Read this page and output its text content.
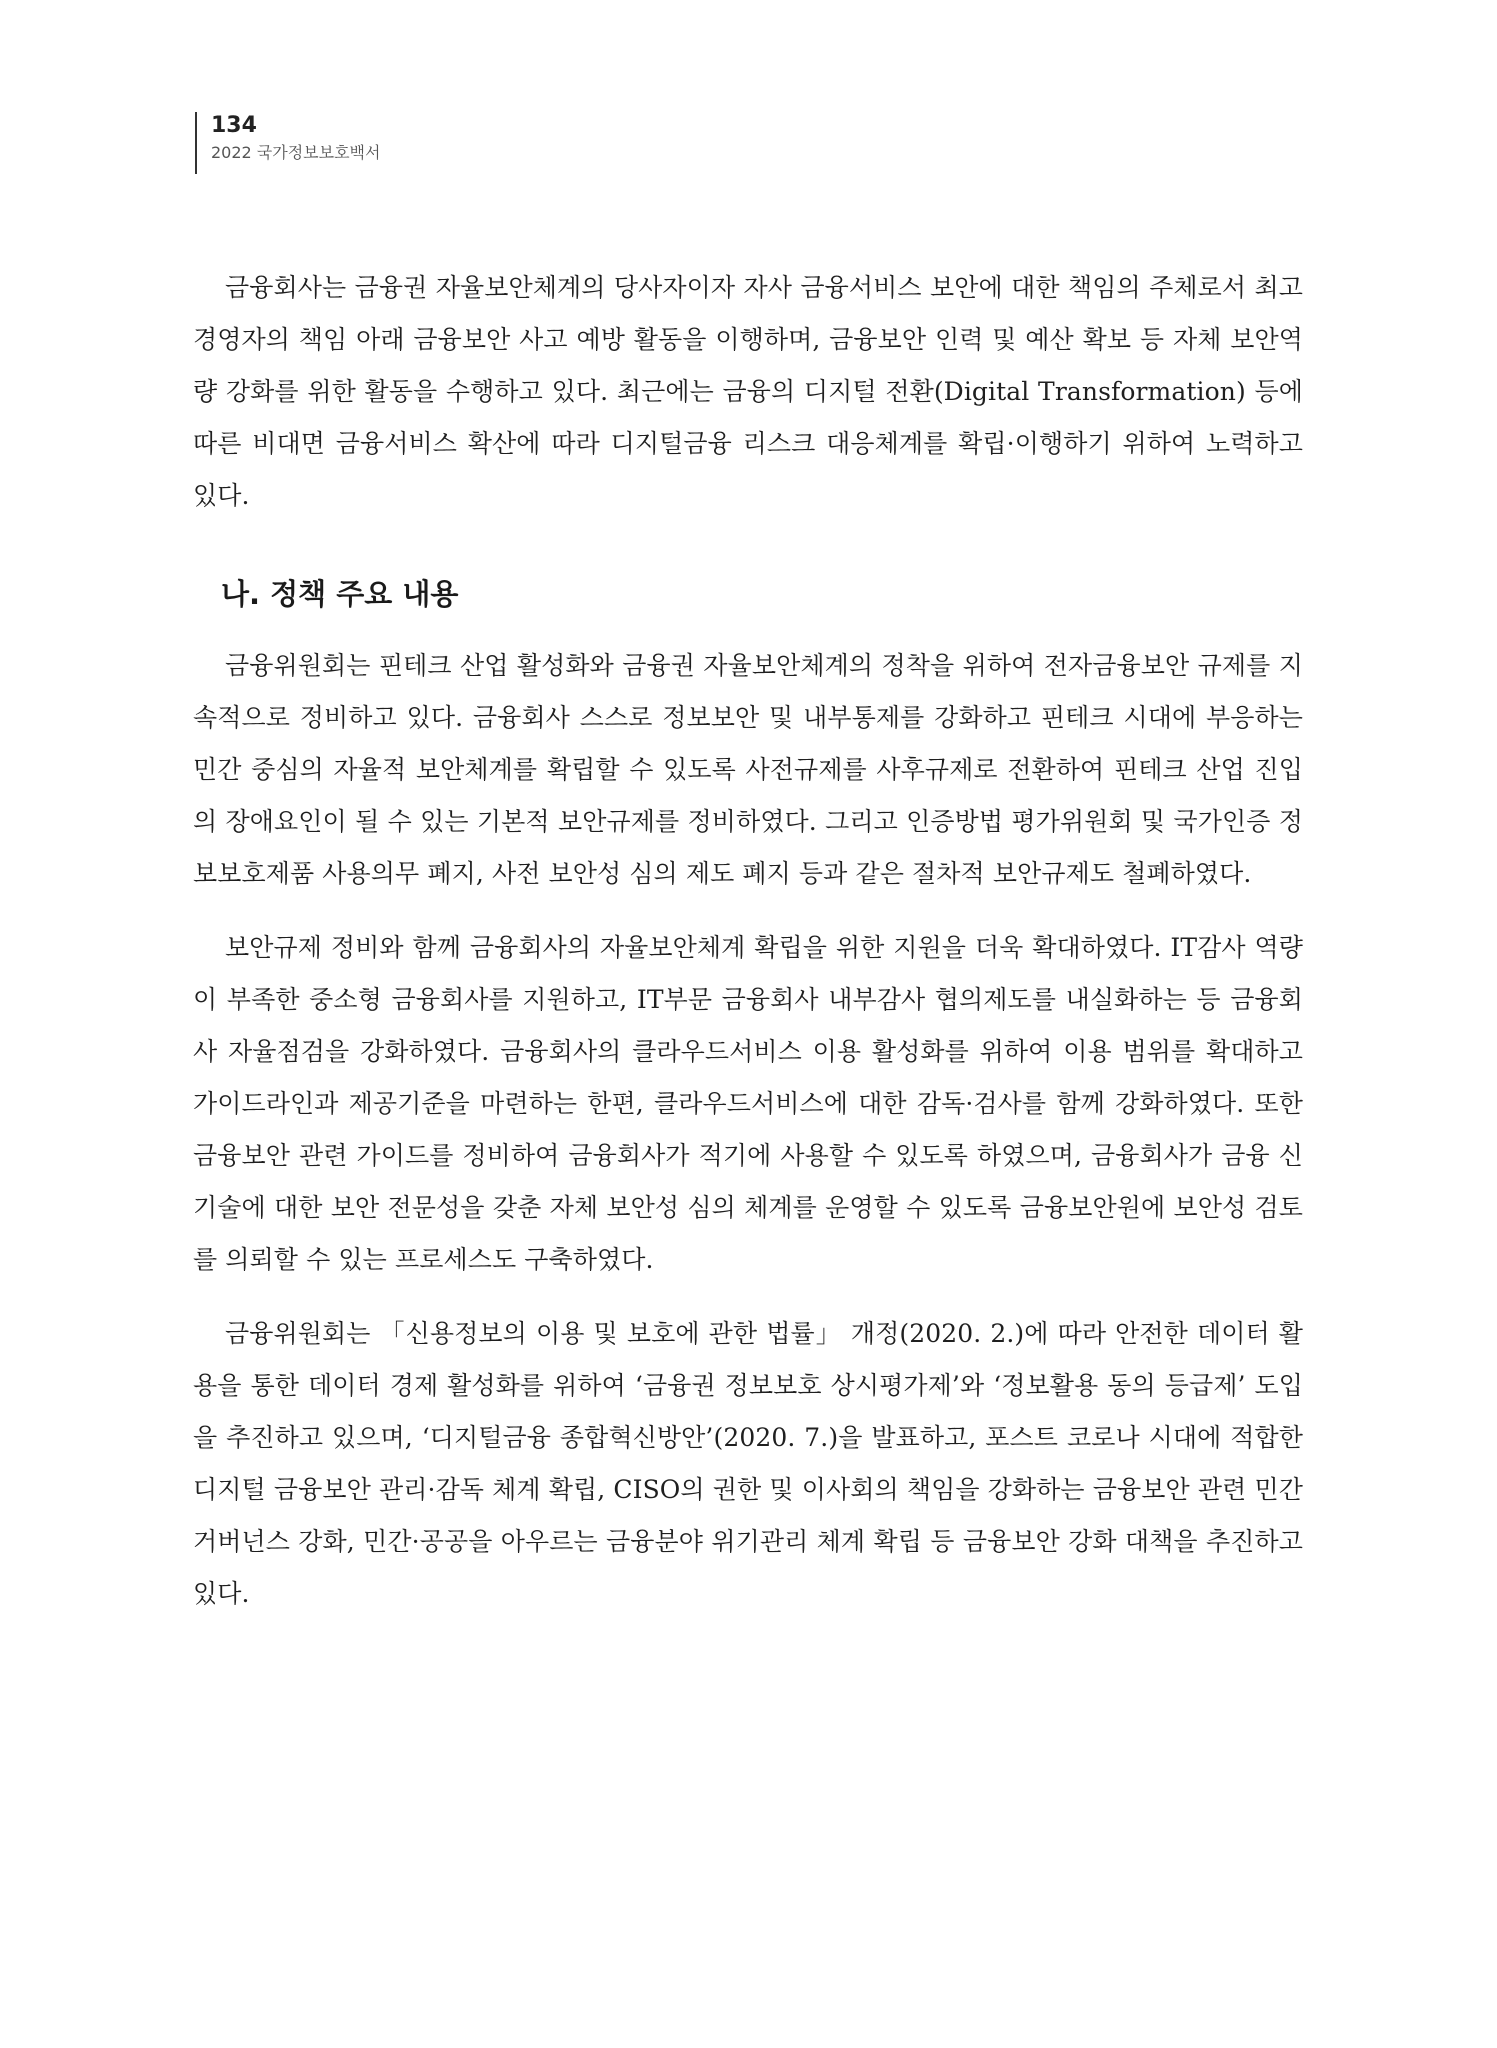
134
2022 국가정보보호백서

금융회사는 금융권 자율보안체계의 당사자이자 자사 금융서비스 보안에 대한 책임의 주체로서 최고경영자의 책임 아래 금융보안 사고 예방 활동을 이행하며, 금융보안 인력 및 예산 확보 등 자체 보안역량 강화를 위한 활동을 수행하고 있다. 최근에는 금융의 디지털 전환(Digital Transformation) 등에 따른 비대면 금융서비스 확산에 따라 디지털금융 리스크 대응체계를 확립·이행하기 위하여 노력하고 있다.

나. 정책 주요 내용

금융위원회는 핀테크 산업 활성화와 금융권 자율보안체계의 정착을 위하여 전자금융보안 규제를 지속적으로 정비하고 있다. 금융회사 스스로 정보보안 및 내부통제를 강화하고 핀테크 시대에 부응하는 민간 중심의 자율적 보안체계를 확립할 수 있도록 사전규제를 사후규제로 전환하여 핀테크 산업 진입의 장애요인이 될 수 있는 기본적 보안규제를 정비하였다. 그리고 인증방법 평가위원회 및 국가인증 정보보호제품 사용의무 폐지, 사전 보안성 심의 제도 폐지 등과 같은 절차적 보안규제도 철폐하였다.

보안규제 정비와 함께 금융회사의 자율보안체계 확립을 위한 지원을 더욱 확대하였다. IT감사 역량이 부족한 중소형 금융회사를 지원하고, IT부문 금융회사 내부감사 협의제도를 내실화하는 등 금융회사 자율점검을 강화하였다. 금융회사의 클라우드서비스 이용 활성화를 위하여 이용 범위를 확대하고 가이드라인과 제공기준을 마련하는 한편, 클라우드서비스에 대한 감독·검사를 함께 강화하였다. 또한 금융보안 관련 가이드를 정비하여 금융회사가 적기에 사용할 수 있도록 하였으며, 금융회사가 금융 신기술에 대한 보안 전문성을 갖춘 자체 보안성 심의 체계를 운영할 수 있도록 금융보안원에 보안성 검토를 의뢰할 수 있는 프로세스도 구축하였다.

금융위원회는 「신용정보의 이용 및 보호에 관한 법률」 개정(2020. 2.)에 따라 안전한 데이터 활용을 통한 데이터 경제 활성화를 위하여 ‘금융권 정보보호 상시평가제’와 ‘정보활용 동의 등급제’ 도입을 추진하고 있으며, ‘디지털금융 종합혁신방안’(2020. 7.)을 발표하고, 포스트 코로나 시대에 적합한 디지털 금융보안 관리·감독 체계 확립, CISO의 권한 및 이사회의 책임을 강화하는 금융보안 관련 민간 거버넌스 강화, 민간·공공을 아우르는 금융분야 위기관리 체계 확립 등 금융보안 강화 대책을 추진하고 있다.
